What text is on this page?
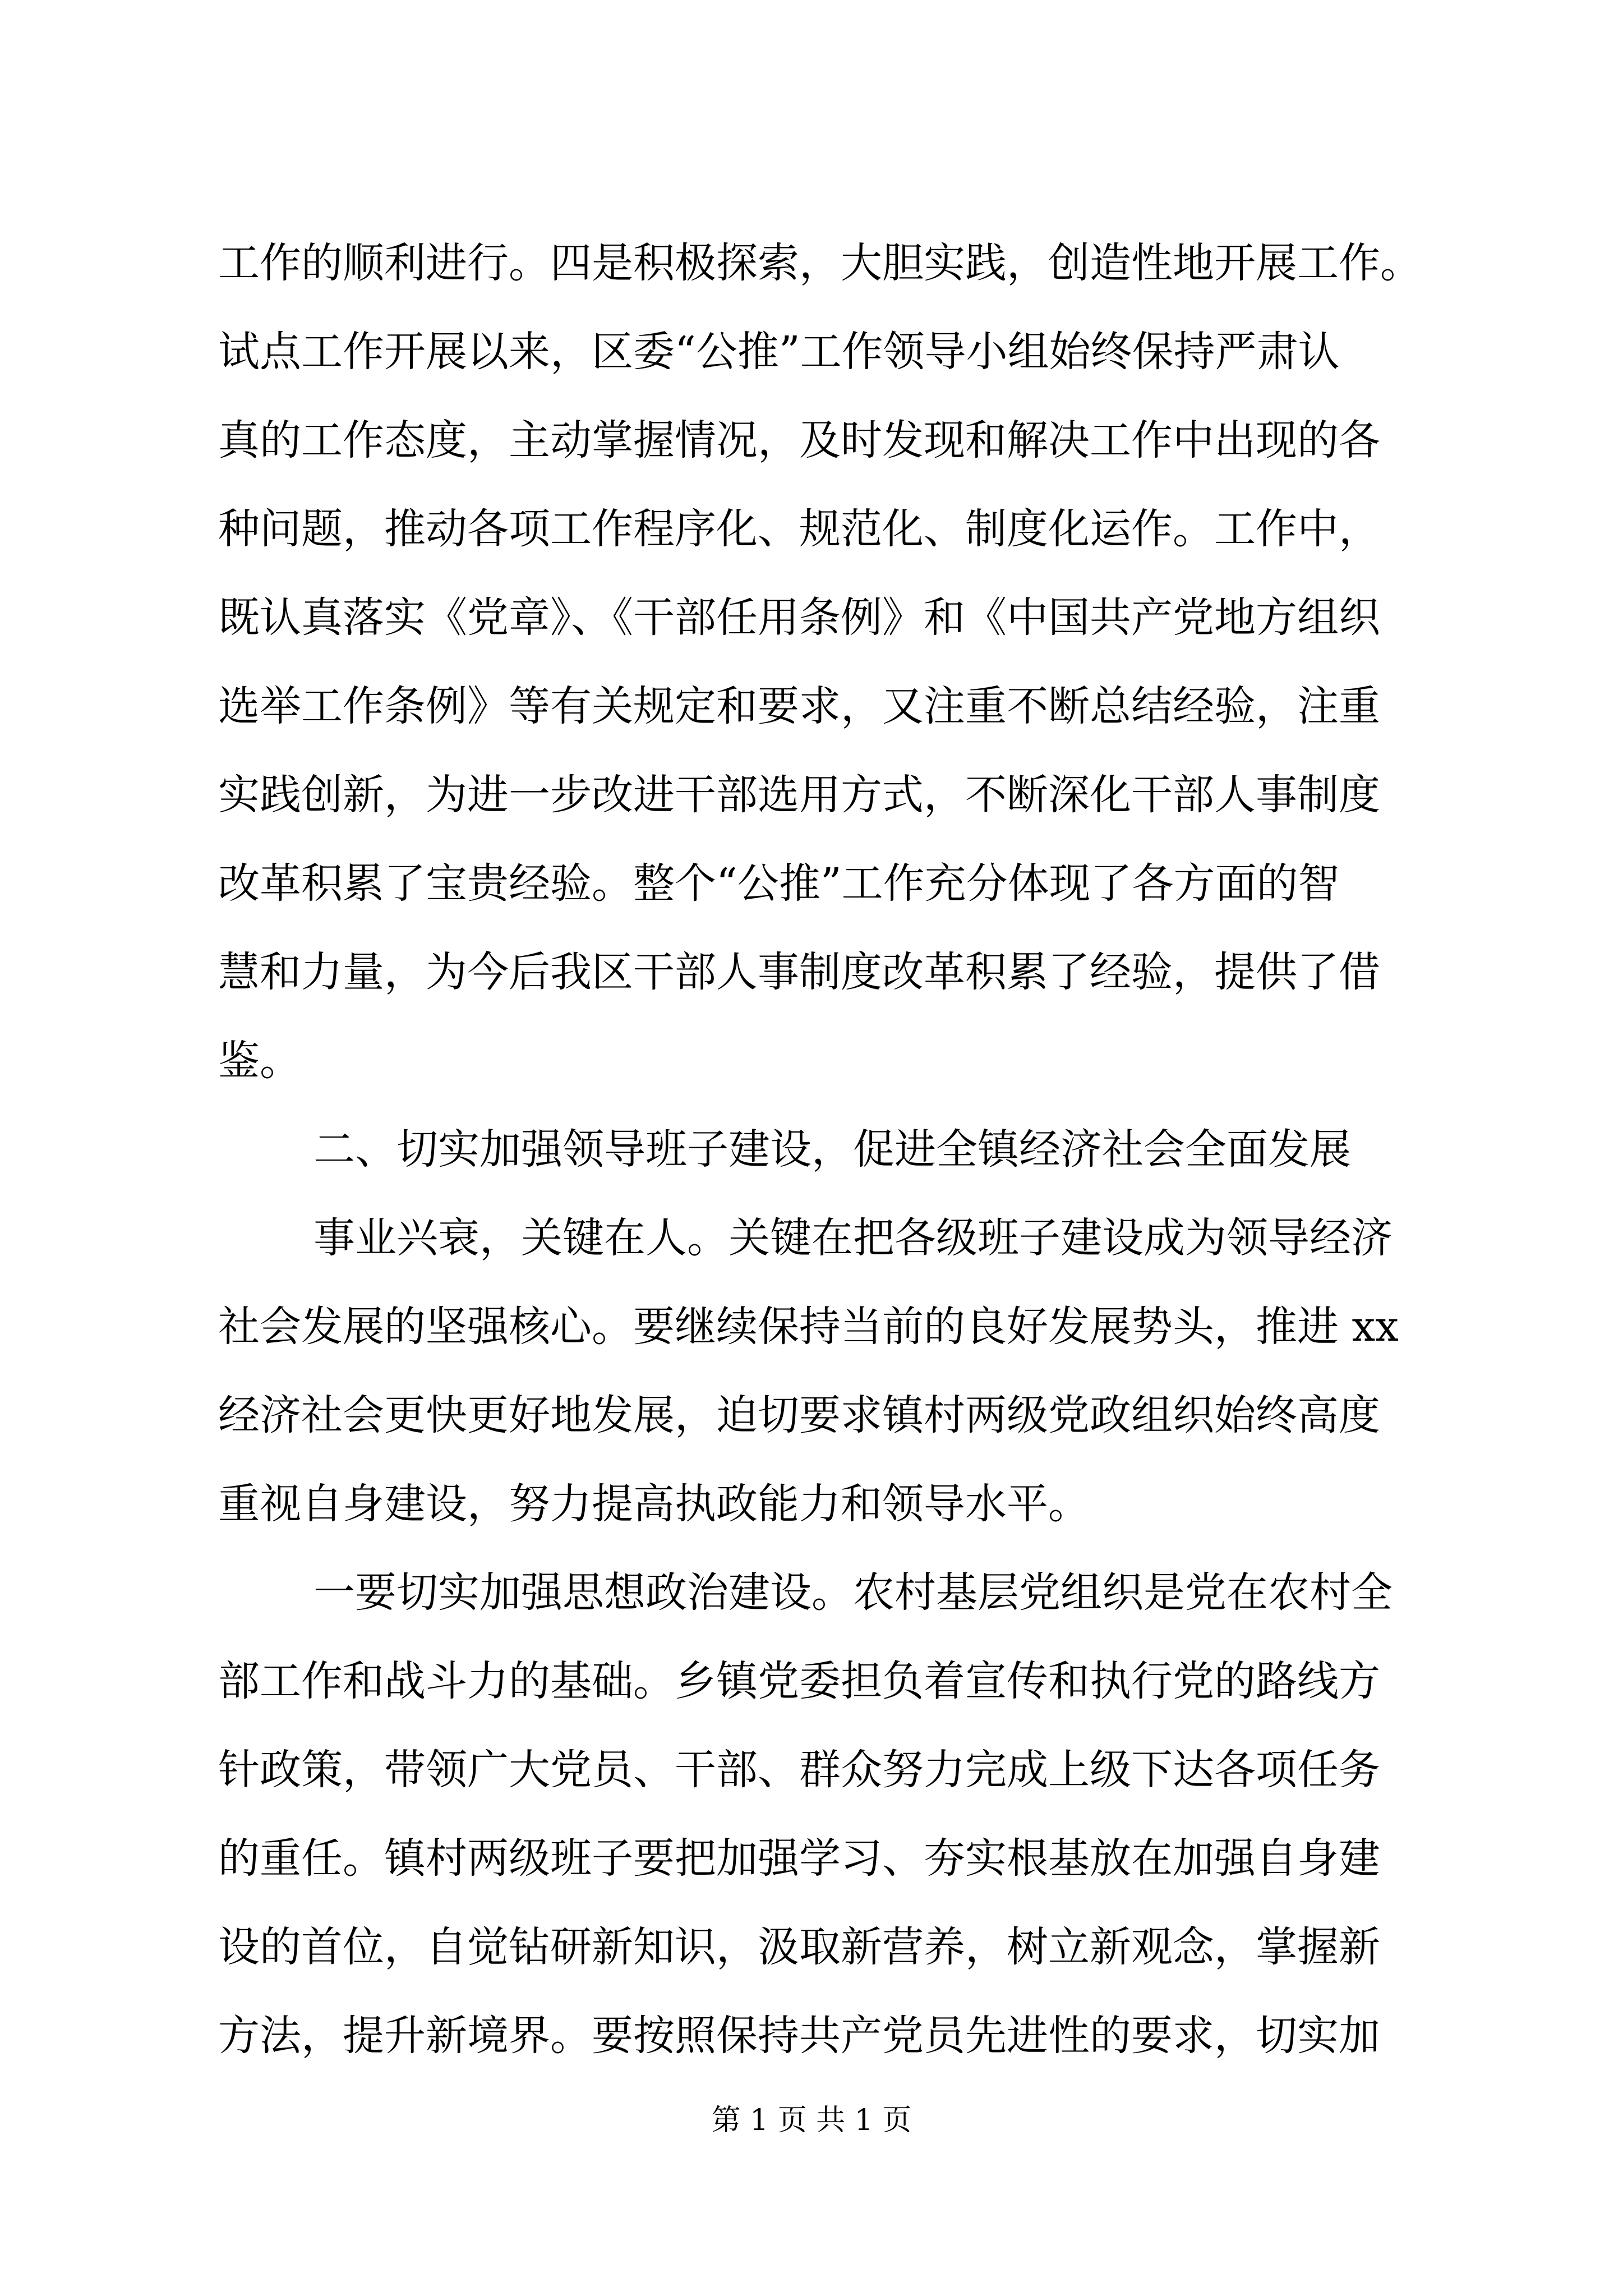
工作的顺利进行。四是积极探索，大胆实践，创造性地开展工作。
试点工作开展以来，区委“公推”工作领导小组始终保持严肃认
真的工作态度，主动掌握情况，及时发现和解决工作中出现的各
种问题，推动各项工作程序化、规范化、制度化运作。工作中，
既认真落实《党章》、《干部任用条例》和《中国共产党地方组织
选举工作条例》等有关规定和要求，又注重不断总结经验，注重
实践创新，为进一步改进干部选用方式，不断深化干部人事制度
改革积累了宝贵经验。整个“公推”工作充分体现了各方面的智
慧和力量，为今后我区干部人事制度改革积累了经验，提供了借
鉴。
二、切实加强领导班子建设，促进全镇经济社会全面发展
事业兴衰，关键在人。关键在把各级班子建设成为领导经济
社会发展的坚强核心。要继续保持当前的良好发展势头，推进 xx
经济社会更快更好地发展，迫切要求镇村两级党政组织始终高度
重视自身建设，努力提高执政能力和领导水平。
一要切实加强思想政治建设。农村基层党组织是党在农村全
部工作和战斗力的基础。乡镇党委担负着宣传和执行党的路线方
针政策，带领广大党员、干部、群众努力完成上级下达各项任务
的重任。镇村两级班子要把加强学习、夯实根基放在加强自身建
设的首位，自觉钻研新知识，汲取新营养，树立新观念，掌握新
方法，提升新境界。要按照保持共产党员先进性的要求，切实加
第 1 页 共 1 页
